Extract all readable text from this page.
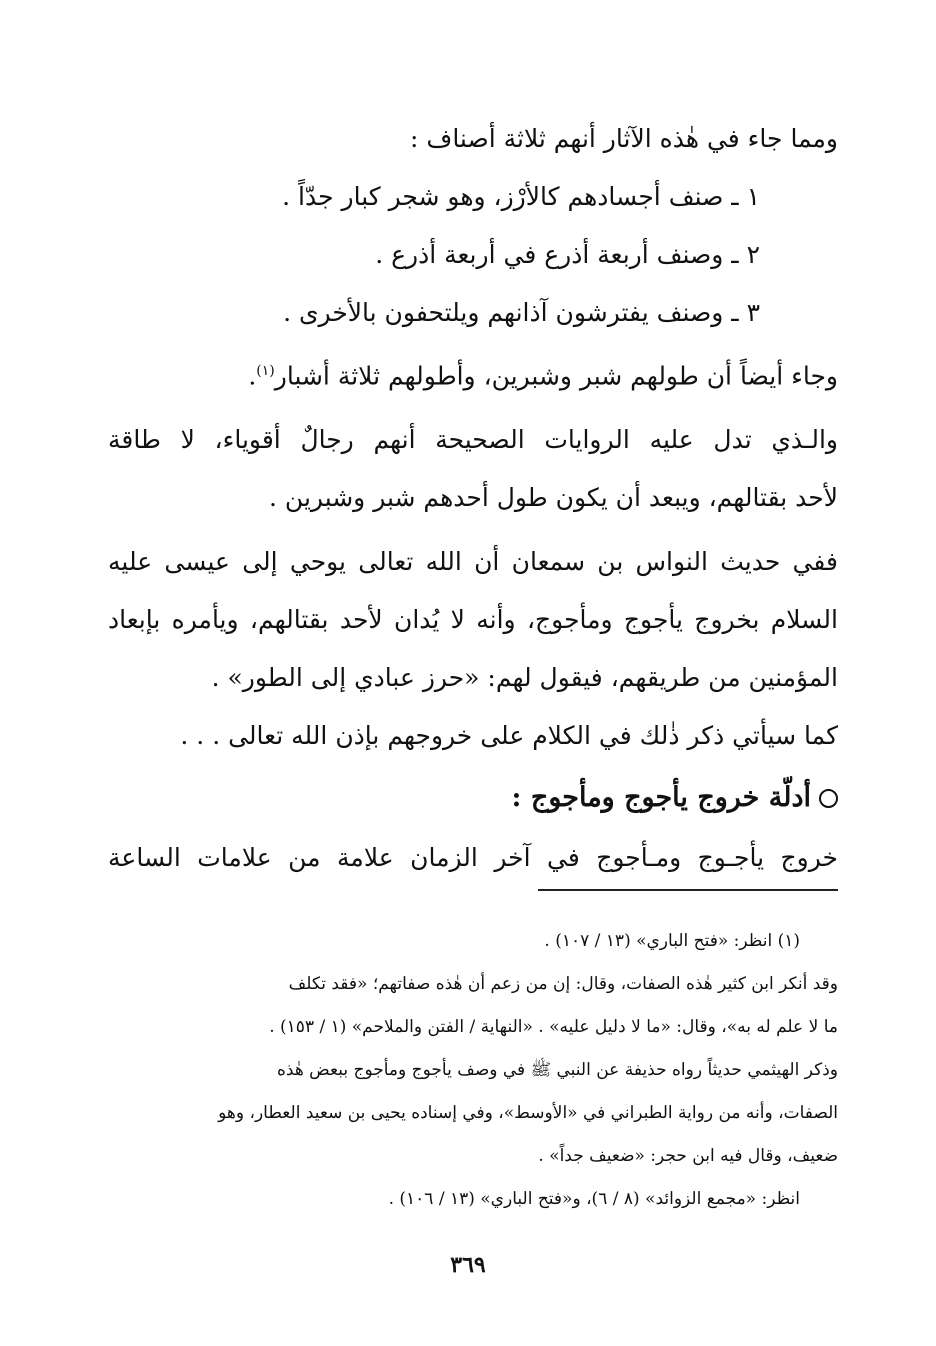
ومما جاء في هٰذه الآثار أنهم ثلاثة أصناف :
١ ـ صنف أجسادهم كالأرْز، وهو شجر كبار جدّاً .
٢ ـ وصنف أربعة أذرع في أربعة أذرع .
٣ ـ وصنف يفترشون آذانهم ويلتحفون بالأخرى .
وجاء أيضاً أن طولهم شبر وشبرين، وأطولهم ثلاثة أشبار$^{(١)}$.
والـذي تدل عليه الروايات الصحيحة أنهم رجالٌ أقوياء، لا طاقة
لأحد بقتالهم، ويبعد أن يكون طول أحدهم شبر وشبرين .
ففي حديث النواس بن سمعان أن الله تعالى يوحي إلى عيسى عليه
السلام بخروج يأجوج ومأجوج، وأنه لا يُدان لأحد بقتالهم، ويأمره بإبعاد
المؤمنين من طريقهم، فيقول لهم: «حرز عبادي إلى الطور» .
كما سيأتي ذكر ذٰلك في الكلام على خروجهم بإذن الله تعالى . . .
أدلّة خروج يأجوج ومأجوج :
خروج يأجـوج ومـأجوج في آخر الزمان علامة من علامات الساعة
(١) انظر: «فتح الباري» (١٣ / ١٠٧) .
وقد أنكر ابن كثير هٰذه الصفات، وقال: إن من زعم أن هٰذه صفاتهم؛ «فقد تكلف
ما لا علم له به»، وقال: «ما لا دليل عليه» . «النهاية / الفتن والملاحم» (١ / ١٥٣) .
وذكر الهيثمي حديثاً رواه حذيفة عن النبي ﷺ في وصف يأجوج ومأجوج ببعض هٰذه
الصفات، وأنه من رواية الطبراني في «الأوسط»، وفي إسناده يحيى بن سعيد العطار، وهو
ضعيف، وقال فيه ابن حجر: «ضعيف جداً» .
انظر: «مجمع الزوائد» (٨ / ٦)، و«فتح الباري» (١٣ / ١٠٦) .
٣٦٩
